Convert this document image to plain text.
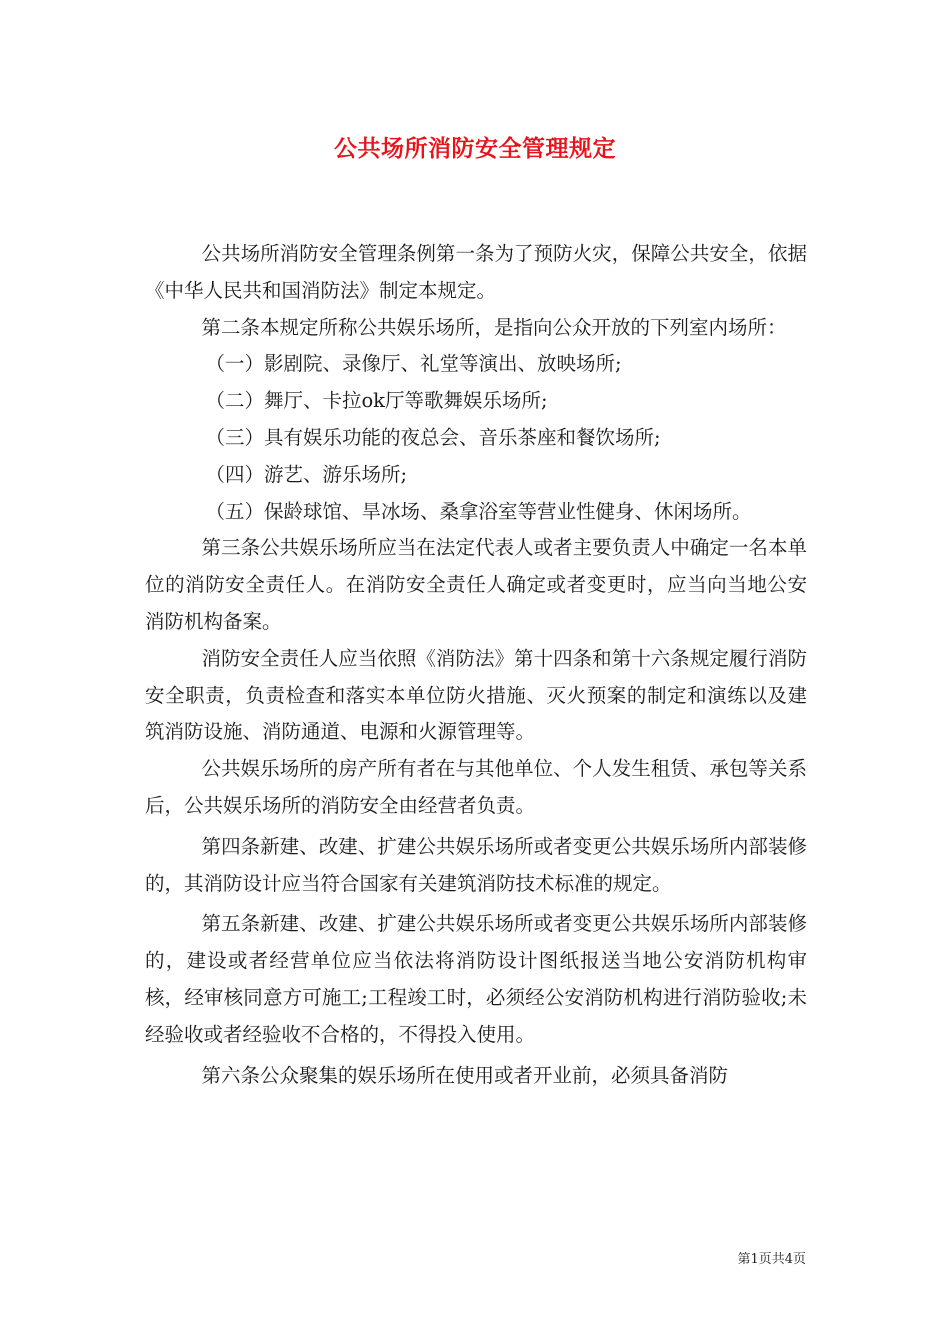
公共场所消防安全管理规定

公共场所消防安全管理条例第一条为了预防火灾，保障公共安全，依据《中华人民共和国消防法》制定本规定。

第二条本规定所称公共娱乐场所，是指向公众开放的下列室内场所：

（一）影剧院、录像厅、礼堂等演出、放映场所;

（二）舞厅、卡拉ok厅等歌舞娱乐场所;

（三）具有娱乐功能的夜总会、音乐茶座和餐饮场所;

（四）游艺、游乐场所;

（五）保龄球馆、旱冰场、桑拿浴室等营业性健身、休闲场所。

第三条公共娱乐场所应当在法定代表人或者主要负责人中确定一名本单位的消防安全责任人。在消防安全责任人确定或者变更时，应当向当地公安消防机构备案。

消防安全责任人应当依照《消防法》第十四条和第十六条规定履行消防安全职责，负责检查和落实本单位防火措施、灭火预案的制定和演练以及建筑消防设施、消防通道、电源和火源管理等。

公共娱乐场所的房产所有者在与其他单位、个人发生租赁、承包等关系后，公共娱乐场所的消防安全由经营者负责。

第四条新建、改建、扩建公共娱乐场所或者变更公共娱乐场所内部装修的，其消防设计应当符合国家有关建筑消防技术标准的规定。

第五条新建、改建、扩建公共娱乐场所或者变更公共娱乐场所内部装修的，建设或者经营单位应当依法将消防设计图纸报送当地公安消防机构审核，经审核同意方可施工;工程竣工时，必须经公安消防机构进行消防验收;未经验收或者经验收不合格的，不得投入使用。

第六条公众聚集的娱乐场所在使用或者开业前，必须具备消防

第1页共4页
